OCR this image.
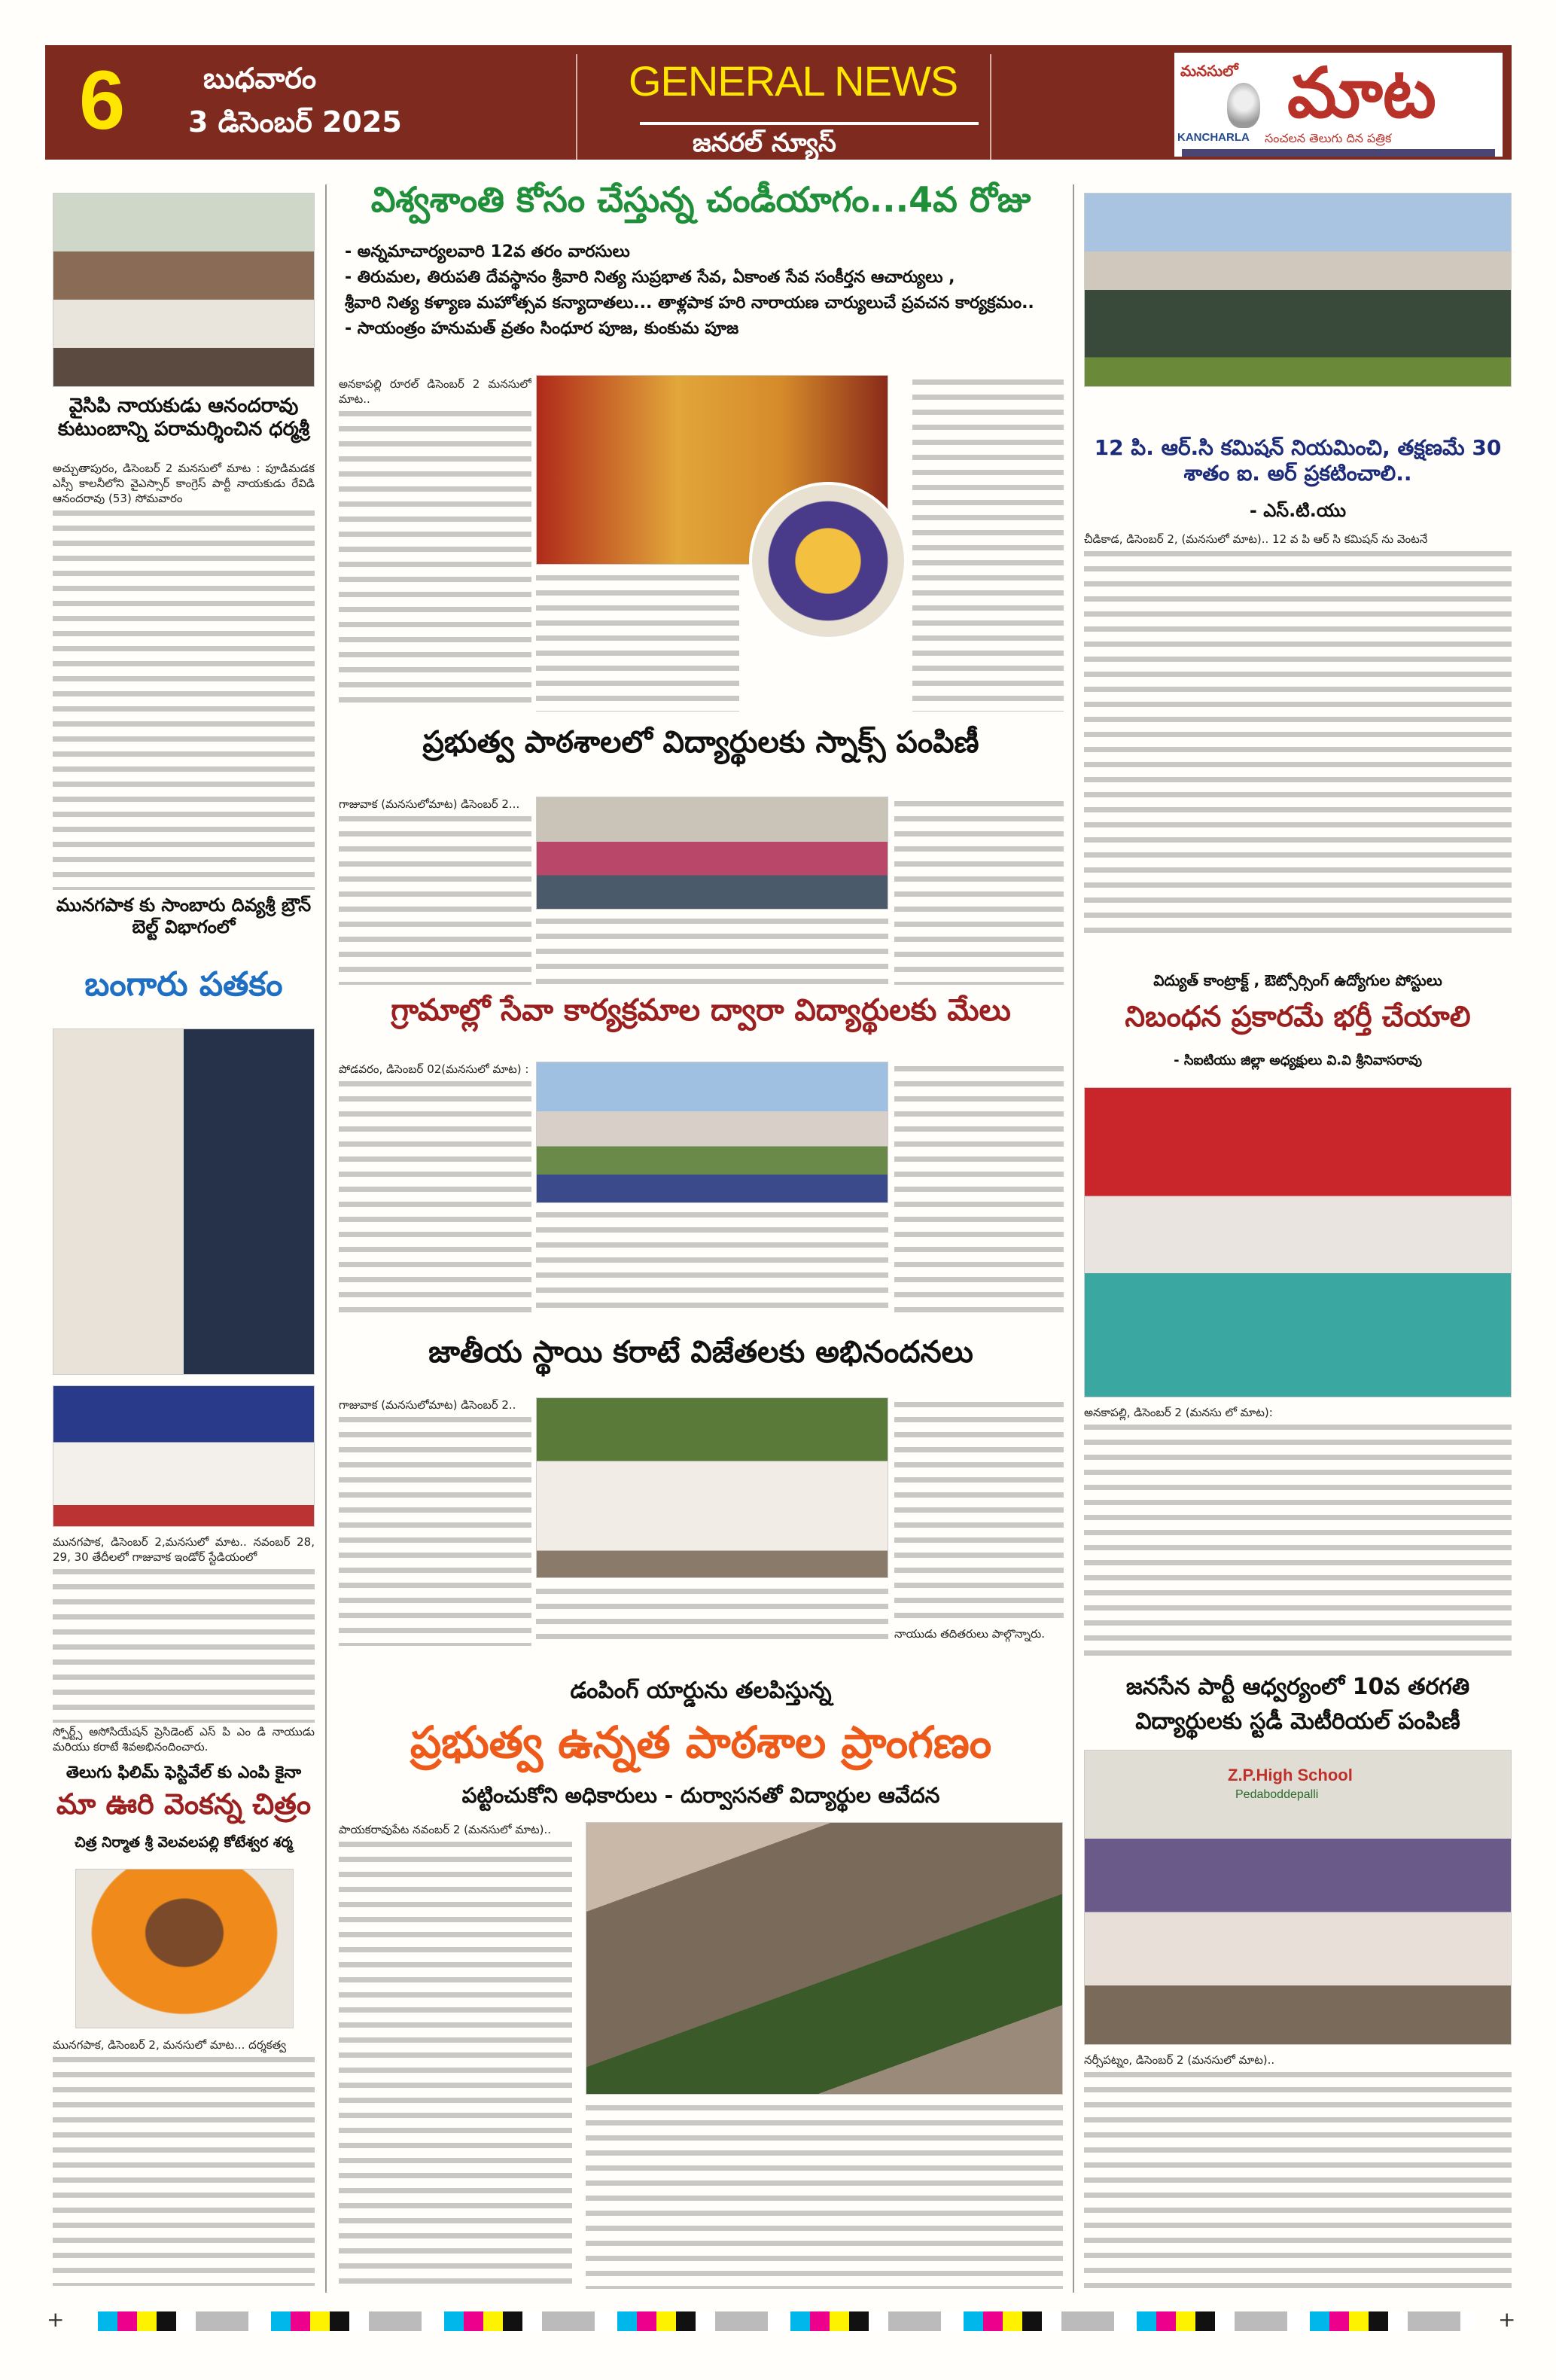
6	బుధవారం
3 డిసెంబర్ 2025
GENERAL NEWS
జనరల్ న్యూస్
మనసులో మాట
KANCHARLA సంచలన తెలుగు దిన పత్రిక
వైసిపి నాయకుడు ఆనందరావు కుటుంబాన్ని పరామర్శించిన ధర్మశ్రీ
అచ్చుతాపురం, డిసెంబర్ 2 మనసులో మాట : పూడిమడక ఎస్సీ కాలనీలోని వైఎస్సార్ కాంగ్రెస్ పార్టీ నాయకుడు రేవిడి ఆనందరావు (53) సోమవారం
మునగపాక కు సాంబారు దివ్యశ్రీ బ్రౌన్ బెల్ట్ విభాగంలో
బంగారు పతకం
మునగపాక, డిసెంబర్ 2,మనసులో మాట.. నవంబర్ 28, 29, 30 తేదీలలో గాజువాక ఇండోర్ స్టేడియంలో
స్పోర్ట్స్ అసోసియేషన్ ప్రెసిడెంట్ ఎస్ పి ఎం డి నాయుడు మరియు కరాటే శివఅభినందించారు.
తెలుగు ఫిలిమ్ ఫెస్టివేల్ కు ఎంపి కైనా
మా ఊరి వెంకన్న చిత్రం
చిత్ర నిర్మాత శ్రీ వెలవలపల్లి కోటేశ్వర శర్మ
మునగపాక, డిసెంబర్ 2, మనసులో మాట... దర్శకత్వ
విశ్వశాంతి కోసం చేస్తున్న చండీయాగం...4వ రోజు
- అన్నమాచార్యలవారి 12వ తరం వారసులు
- తిరుమల, తిరుపతి దేవస్థానం శ్రీవారి నిత్య సుప్రభాత సేవ, ఏకాంత సేవ సంకీర్తన ఆచార్యులు ,
శ్రీవారి నిత్య కళ్యాణ మహోత్సవ కన్యాదాతలు... తాళ్లపాక హరి నారాయణ చార్యులుచే ప్రవచన కార్యక్రమం..
- సాయంత్రం హనుమత్ వ్రతం సింధూర పూజ, కుంకుమ పూజ
అనకాపల్లి రూరల్ డిసెంబర్ 2 మనసులో మాట..
ప్రభుత్వ పాఠశాలలో విద్యార్థులకు స్నాక్స్ పంపిణీ
గాజువాక (మనసులోమాట) డిసెంబర్ 2...
గ్రామాల్లో సేవా కార్యక్రమాల ద్వారా విద్యార్థులకు మేలు
పోడవరం, డిసెంబర్ 02(మనసులో మాట) :
జాతీయ స్థాయి కరాటే విజేతలకు అభినందనలు
గాజువాక (మనసులోమాట) డిసెంబర్ 2..
నాయుడు తదితరులు పాల్గొన్నారు.
డంపింగ్ యార్డును తలపిస్తున్న
ప్రభుత్వ ఉన్నత పాఠశాల ప్రాంగణం
పట్టించుకోని అధికారులు - దుర్వాసనతో విద్యార్థుల ఆవేదన
పాయకరావుపేట నవంబర్ 2 (మనసులో మాట)..
12 పి. ఆర్.సి కమిషన్ నియమించి, తక్షణమే 30 శాతం ఐ. అర్ ప్రకటించాలి..
- ఎస్.టి.యు
చీడికాడ, డిసెంబర్ 2, (మనసులో మాట).. 12 వ పి ఆర్ సి కమిషన్ ను వెంటనే
విద్యుత్ కాంట్రాక్ట్ , ఔట్సోర్సింగ్ ఉద్యోగుల పోస్టులు
నిబంధన ప్రకారమే భర్తీ చేయాలి
- సిఐటియు జిల్లా అధ్యక్షులు వి.వి శ్రీనివాసరావు
అనకాపల్లి, డిసెంబర్ 2 (మనసు లో మాట):
జనసేన పార్టీ ఆధ్వర్యంలో 10వ తరగతి విద్యార్థులకు స్టడీ మెటీరియల్ పంపిణీ
Z.P.High School
Pedaboddepalli
నర్సీపట్నం, డిసెంబర్ 2 (మనసులో మాట)..
+	+
